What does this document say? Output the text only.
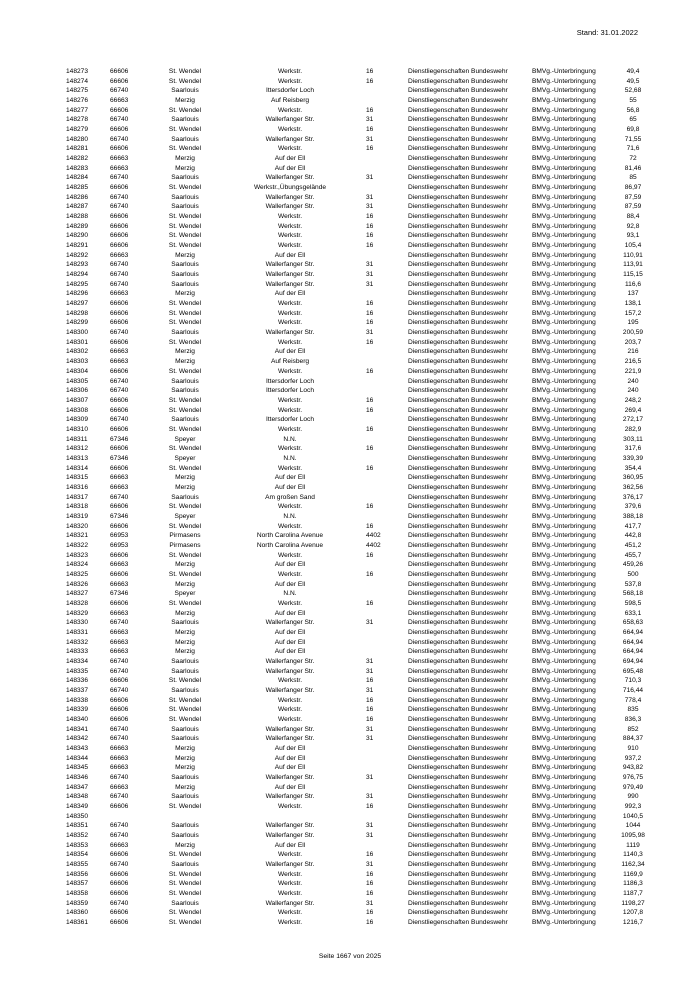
Stand: 31.01.2022
148273	66606	St. Wendel	Werkstr.	16	Dienstliegenschaften Bundeswehr	BMVg.-Unterbringung	49,4
148274	66606	St. Wendel	Werkstr.	16	Dienstliegenschaften Bundeswehr	BMVg.-Unterbringung	49,5
148275	66740	Saarlouis	Ittersdorfer Loch		Dienstliegenschaften Bundeswehr	BMVg.-Unterbringung	52,68
148276	66663	Merzig	Auf Reisberg		Dienstliegenschaften Bundeswehr	BMVg.-Unterbringung	55
148277	66606	St. Wendel	Werkstr.	16	Dienstliegenschaften Bundeswehr	BMVg.-Unterbringung	56,8
148278	66740	Saarlouis	Wallerfanger Str.	31	Dienstliegenschaften Bundeswehr	BMVg.-Unterbringung	65
148279	66606	St. Wendel	Werkstr.	16	Dienstliegenschaften Bundeswehr	BMVg.-Unterbringung	69,8
148280	66740	Saarlouis	Wallerfanger Str.	31	Dienstliegenschaften Bundeswehr	BMVg.-Unterbringung	71,55
148281	66606	St. Wendel	Werkstr.	16	Dienstliegenschaften Bundeswehr	BMVg.-Unterbringung	71,6
148282	66663	Merzig	Auf der Ell		Dienstliegenschaften Bundeswehr	BMVg.-Unterbringung	72
148283	66663	Merzig	Auf der Ell		Dienstliegenschaften Bundeswehr	BMVg.-Unterbringung	81,46
148284	66740	Saarlouis	Wallerfanger Str.	31	Dienstliegenschaften Bundeswehr	BMVg.-Unterbringung	85
148285	66606	St. Wendel	Werkstr.,Übungsgelände		Dienstliegenschaften Bundeswehr	BMVg.-Unterbringung	86,97
148286	66740	Saarlouis	Wallerfanger Str.	31	Dienstliegenschaften Bundeswehr	BMVg.-Unterbringung	87,59
148287	66740	Saarlouis	Wallerfanger Str.	31	Dienstliegenschaften Bundeswehr	BMVg.-Unterbringung	87,59
148288	66606	St. Wendel	Werkstr.	16	Dienstliegenschaften Bundeswehr	BMVg.-Unterbringung	88,4
148289	66606	St. Wendel	Werkstr.	16	Dienstliegenschaften Bundeswehr	BMVg.-Unterbringung	92,8
148290	66606	St. Wendel	Werkstr.	16	Dienstliegenschaften Bundeswehr	BMVg.-Unterbringung	93,1
148291	66606	St. Wendel	Werkstr.	16	Dienstliegenschaften Bundeswehr	BMVg.-Unterbringung	105,4
148292	66663	Merzig	Auf der Ell		Dienstliegenschaften Bundeswehr	BMVg.-Unterbringung	110,91
148293	66740	Saarlouis	Wallerfanger Str.	31	Dienstliegenschaften Bundeswehr	BMVg.-Unterbringung	113,91
148294	66740	Saarlouis	Wallerfanger Str.	31	Dienstliegenschaften Bundeswehr	BMVg.-Unterbringung	115,15
148295	66740	Saarlouis	Wallerfanger Str.	31	Dienstliegenschaften Bundeswehr	BMVg.-Unterbringung	116,6
148296	66663	Merzig	Auf der Ell		Dienstliegenschaften Bundeswehr	BMVg.-Unterbringung	137
148297	66606	St. Wendel	Werkstr.	16	Dienstliegenschaften Bundeswehr	BMVg.-Unterbringung	138,1
148298	66606	St. Wendel	Werkstr.	16	Dienstliegenschaften Bundeswehr	BMVg.-Unterbringung	157,2
148299	66606	St. Wendel	Werkstr.	16	Dienstliegenschaften Bundeswehr	BMVg.-Unterbringung	195
148300	66740	Saarlouis	Wallerfanger Str.	31	Dienstliegenschaften Bundeswehr	BMVg.-Unterbringung	200,59
148301	66606	St. Wendel	Werkstr.	16	Dienstliegenschaften Bundeswehr	BMVg.-Unterbringung	203,7
148302	66663	Merzig	Auf der Ell		Dienstliegenschaften Bundeswehr	BMVg.-Unterbringung	216
148303	66663	Merzig	Auf Reisberg		Dienstliegenschaften Bundeswehr	BMVg.-Unterbringung	216,5
148304	66606	St. Wendel	Werkstr.	16	Dienstliegenschaften Bundeswehr	BMVg.-Unterbringung	221,9
148305	66740	Saarlouis	Ittersdorfer Loch		Dienstliegenschaften Bundeswehr	BMVg.-Unterbringung	240
148306	66740	Saarlouis	Ittersdorfer Loch		Dienstliegenschaften Bundeswehr	BMVg.-Unterbringung	240
148307	66606	St. Wendel	Werkstr.	16	Dienstliegenschaften Bundeswehr	BMVg.-Unterbringung	248,2
148308	66606	St. Wendel	Werkstr.	16	Dienstliegenschaften Bundeswehr	BMVg.-Unterbringung	269,4
148309	66740	Saarlouis	Ittersdorfer Loch		Dienstliegenschaften Bundeswehr	BMVg.-Unterbringung	272,17
148310	66606	St. Wendel	Werkstr.	16	Dienstliegenschaften Bundeswehr	BMVg.-Unterbringung	282,9
148311	67346	Speyer	N.N.		Dienstliegenschaften Bundeswehr	BMVg.-Unterbringung	303,11
148312	66606	St. Wendel	Werkstr.	16	Dienstliegenschaften Bundeswehr	BMVg.-Unterbringung	317,6
148313	67346	Speyer	N.N.		Dienstliegenschaften Bundeswehr	BMVg.-Unterbringung	339,39
148314	66606	St. Wendel	Werkstr.	16	Dienstliegenschaften Bundeswehr	BMVg.-Unterbringung	354,4
148315	66663	Merzig	Auf der Ell		Dienstliegenschaften Bundeswehr	BMVg.-Unterbringung	360,95
148316	66663	Merzig	Auf der Ell		Dienstliegenschaften Bundeswehr	BMVg.-Unterbringung	362,56
148317	66740	Saarlouis	Am großen Sand		Dienstliegenschaften Bundeswehr	BMVg.-Unterbringung	376,17
148318	66606	St. Wendel	Werkstr.	16	Dienstliegenschaften Bundeswehr	BMVg.-Unterbringung	379,6
148319	67346	Speyer	N.N.		Dienstliegenschaften Bundeswehr	BMVg.-Unterbringung	388,18
148320	66606	St. Wendel	Werkstr.	16	Dienstliegenschaften Bundeswehr	BMVg.-Unterbringung	417,7
148321	66953	Pirmasens	North Carolina Avenue	4402	Dienstliegenschaften Bundeswehr	BMVg.-Unterbringung	442,8
148322	66953	Pirmasens	North Carolina Avenue	4402	Dienstliegenschaften Bundeswehr	BMVg.-Unterbringung	451,2
148323	66606	St. Wendel	Werkstr.	16	Dienstliegenschaften Bundeswehr	BMVg.-Unterbringung	455,7
148324	66663	Merzig	Auf der Ell		Dienstliegenschaften Bundeswehr	BMVg.-Unterbringung	459,26
148325	66606	St. Wendel	Werkstr.	16	Dienstliegenschaften Bundeswehr	BMVg.-Unterbringung	500
148326	66663	Merzig	Auf der Ell		Dienstliegenschaften Bundeswehr	BMVg.-Unterbringung	537,8
148327	67346	Speyer	N.N.		Dienstliegenschaften Bundeswehr	BMVg.-Unterbringung	568,18
148328	66606	St. Wendel	Werkstr.	16	Dienstliegenschaften Bundeswehr	BMVg.-Unterbringung	598,5
148329	66663	Merzig	Auf der Ell		Dienstliegenschaften Bundeswehr	BMVg.-Unterbringung	633,1
148330	66740	Saarlouis	Wallerfanger Str.	31	Dienstliegenschaften Bundeswehr	BMVg.-Unterbringung	658,63
148331	66663	Merzig	Auf der Ell		Dienstliegenschaften Bundeswehr	BMVg.-Unterbringung	664,94
148332	66663	Merzig	Auf der Ell		Dienstliegenschaften Bundeswehr	BMVg.-Unterbringung	664,94
148333	66663	Merzig	Auf der Ell		Dienstliegenschaften Bundeswehr	BMVg.-Unterbringung	664,94
148334	66740	Saarlouis	Wallerfanger Str.	31	Dienstliegenschaften Bundeswehr	BMVg.-Unterbringung	694,94
148335	66740	Saarlouis	Wallerfanger Str.	31	Dienstliegenschaften Bundeswehr	BMVg.-Unterbringung	695,48
148336	66606	St. Wendel	Werkstr.	16	Dienstliegenschaften Bundeswehr	BMVg.-Unterbringung	710,3
148337	66740	Saarlouis	Wallerfanger Str.	31	Dienstliegenschaften Bundeswehr	BMVg.-Unterbringung	716,44
148338	66606	St. Wendel	Werkstr.	16	Dienstliegenschaften Bundeswehr	BMVg.-Unterbringung	778,4
148339	66606	St. Wendel	Werkstr.	16	Dienstliegenschaften Bundeswehr	BMVg.-Unterbringung	835
148340	66606	St. Wendel	Werkstr.	16	Dienstliegenschaften Bundeswehr	BMVg.-Unterbringung	836,3
148341	66740	Saarlouis	Wallerfanger Str.	31	Dienstliegenschaften Bundeswehr	BMVg.-Unterbringung	852
148342	66740	Saarlouis	Wallerfanger Str.	31	Dienstliegenschaften Bundeswehr	BMVg.-Unterbringung	884,37
148343	66663	Merzig	Auf der Ell		Dienstliegenschaften Bundeswehr	BMVg.-Unterbringung	910
148344	66663	Merzig	Auf der Ell		Dienstliegenschaften Bundeswehr	BMVg.-Unterbringung	937,2
148345	66663	Merzig	Auf der Ell		Dienstliegenschaften Bundeswehr	BMVg.-Unterbringung	943,82
148346	66740	Saarlouis	Wallerfanger Str.	31	Dienstliegenschaften Bundeswehr	BMVg.-Unterbringung	976,75
148347	66663	Merzig	Auf der Ell		Dienstliegenschaften Bundeswehr	BMVg.-Unterbringung	979,49
148348	66740	Saarlouis	Wallerfanger Str.	31	Dienstliegenschaften Bundeswehr	BMVg.-Unterbringung	990
148349	66606	St. Wendel	Werkstr.	16	Dienstliegenschaften Bundeswehr	BMVg.-Unterbringung	992,3
148350					Dienstliegenschaften Bundeswehr	BMVg.-Unterbringung	1040,5
148351	66740	Saarlouis	Wallerfanger Str.	31	Dienstliegenschaften Bundeswehr	BMVg.-Unterbringung	1044
148352	66740	Saarlouis	Wallerfanger Str.	31	Dienstliegenschaften Bundeswehr	BMVg.-Unterbringung	1095,98
148353	66663	Merzig	Auf der Ell		Dienstliegenschaften Bundeswehr	BMVg.-Unterbringung	1119
148354	66606	St. Wendel	Werkstr.	16	Dienstliegenschaften Bundeswehr	BMVg.-Unterbringung	1140,3
148355	66740	Saarlouis	Wallerfanger Str.	31	Dienstliegenschaften Bundeswehr	BMVg.-Unterbringung	1162,34
148356	66606	St. Wendel	Werkstr.	16	Dienstliegenschaften Bundeswehr	BMVg.-Unterbringung	1169,9
148357	66606	St. Wendel	Werkstr.	16	Dienstliegenschaften Bundeswehr	BMVg.-Unterbringung	1186,3
148358	66606	St. Wendel	Werkstr.	16	Dienstliegenschaften Bundeswehr	BMVg.-Unterbringung	1187,7
148359	66740	Saarlouis	Wallerfanger Str.	31	Dienstliegenschaften Bundeswehr	BMVg.-Unterbringung	1198,27
148360	66606	St. Wendel	Werkstr.	16	Dienstliegenschaften Bundeswehr	BMVg.-Unterbringung	1207,8
148361	66606	St. Wendel	Werkstr.	16	Dienstliegenschaften Bundeswehr	BMVg.-Unterbringung	1216,7
Seite 1667 von 2025
